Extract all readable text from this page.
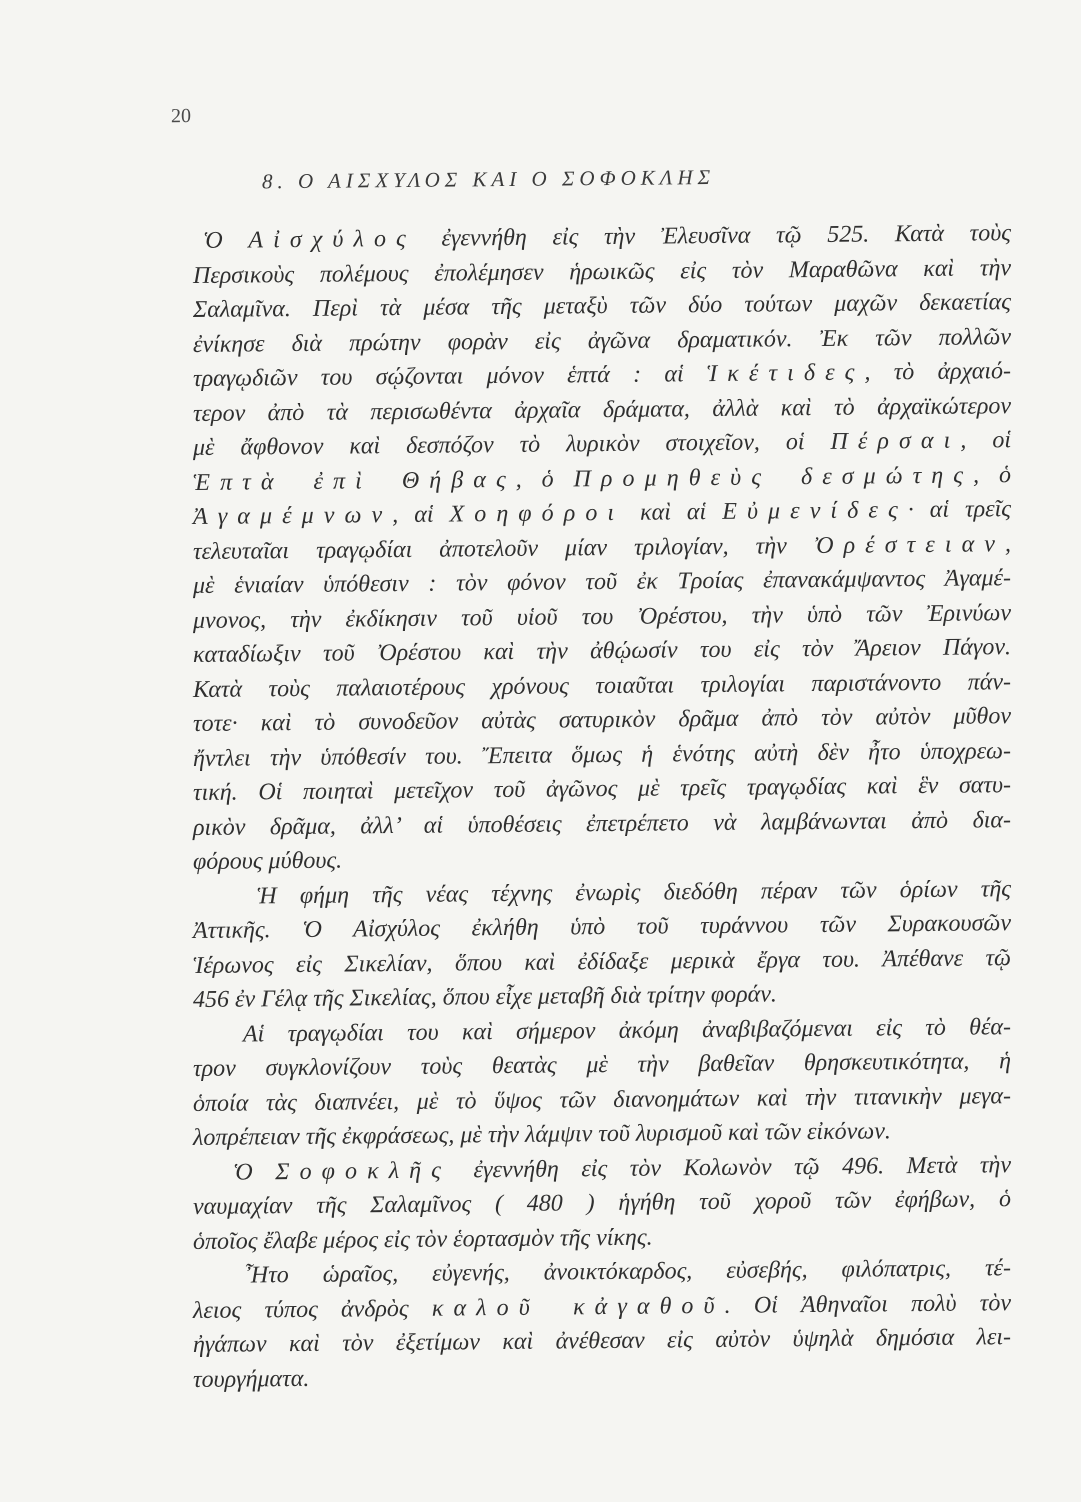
20
8. Ο ΑΙΣΧΥΛΟΣ ΚΑΙ Ο ΣΟΦΟΚΛΗΣ
Ὁ Αἰσχύλος ἐγεννήθη εἰς τὴν Ἐλευσῖνα τῷ 525. Κατὰ τοὺς
Περσικοὺς πολέμους ἐπολέμησεν ἡρωικῶς εἰς τὸν Μαραθῶνα καὶ τὴν
Σαλαμῖνα. Περὶ τὰ μέσα τῆς μεταξὺ τῶν δύο τούτων μαχῶν δεκαετίας
ἐνίκησε διὰ πρώτην φορὰν εἰς ἀγῶνα δραματικόν. Ἐκ τῶν πολλῶν
τραγῳδιῶν του σῴζονται μόνον ἑπτά : αἱ Ἱκέτιδες, τὸ ἀρχαιό-
τερον ἀπὸ τὰ περισωθέντα ἀρχαῖα δράματα, ἀλλὰ καὶ τὸ ἀρχαϊκώτερον
μὲ ἄφθονον καὶ δεσπόζον τὸ λυρικὸν στοιχεῖον, οἱ Πέρσαι, οἱ
Ἑπτὰ ἐπὶ Θήβας, ὁ Προμηθεὺς δεσμώτης, ὁ
Ἀγαμέμνων, αἱ Χοηφόροι καὶ αἱ Εὐμενίδες· αἱ τρεῖς
τελευταῖαι τραγῳδίαι ἀποτελοῦν μίαν τριλογίαν, τὴν Ὀρέστειαν,
μὲ ἑνιαίαν ὑπόθεσιν : τὸν φόνον τοῦ ἐκ Τροίας ἐπανακάμψαντος Ἀγαμέ-
μνονος, τὴν ἐκδίκησιν τοῦ υἱοῦ του Ὀρέστου, τὴν ὑπὸ τῶν Ἐρινύων
καταδίωξιν τοῦ Ὀρέστου καὶ τὴν ἀθῴωσίν του εἰς τὸν Ἄρειον Πάγον.
Κατὰ τοὺς παλαιοτέρους χρόνους τοιαῦται τριλογίαι παριστάνοντο πάν-
τοτε· καὶ τὸ συνοδεῦον αὐτὰς σατυρικὸν δρᾶμα ἀπὸ τὸν αὐτὸν μῦθον
ἤντλει τὴν ὑπόθεσίν του. Ἔπειτα ὅμως ἡ ἑνότης αὐτὴ δὲν ἦτο ὑποχρεω-
τική. Οἱ ποιηταὶ μετεῖχον τοῦ ἀγῶνος μὲ τρεῖς τραγῳδίας καὶ ἓν σατυ-
ρικὸν δρᾶμα, ἀλλ’ αἱ ὑποθέσεις ἐπετρέπετο νὰ λαμβάνωνται ἀπὸ δια-
φόρους μύθους.
Ἡ φήμη τῆς νέας τέχνης ἐνωρὶς διεδόθη πέραν τῶν ὁρίων τῆς
Ἀττικῆς. Ὁ Αἰσχύλος ἐκλήθη ὑπὸ τοῦ τυράννου τῶν Συρακουσῶν
Ἱέρωνος εἰς Σικελίαν, ὅπου καὶ ἐδίδαξε μερικὰ ἔργα του. Ἀπέθανε τῷ
456 ἐν Γέλᾳ τῆς Σικελίας, ὅπου εἶχε μεταβῆ διὰ τρίτην φοράν.
Αἱ τραγῳδίαι του καὶ σήμερον ἀκόμη ἀναβιβαζόμεναι εἰς τὸ θέα-
τρον συγκλονίζουν τοὺς θεατὰς μὲ τὴν βαθεῖαν θρησκευτικότητα, ἡ
ὁποία τὰς διαπνέει, μὲ τὸ ὕψος τῶν διανοημάτων καὶ τὴν τιτανικὴν μεγα-
λοπρέπειαν τῆς ἐκφράσεως, μὲ τὴν λάμψιν τοῦ λυρισμοῦ καὶ τῶν εἰκόνων.
Ὁ Σοφοκλῆς ἐγεννήθη εἰς τὸν Κολωνὸν τῷ 496. Μετὰ τὴν
ναυμαχίαν τῆς Σαλαμῖνος ( 480 ) ἡγήθη τοῦ χοροῦ τῶν ἐφήβων, ὁ
ὁποῖος ἔλαβε μέρος εἰς τὸν ἑορτασμὸν τῆς νίκης.
Ἦτο ὡραῖος, εὐγενής, ἀνοικτόκαρδος, εὐσεβής, φιλόπατρις, τέ-
λειος τύπος ἀνδρὸς καλοῦ κἀγαθοῦ. Οἱ Ἀθηναῖοι πολὺ τὸν
ἠγάπων καὶ τὸν ἐξετίμων καὶ ἀνέθεσαν εἰς αὐτὸν ὑψηλὰ δημόσια λει-
τουργήματα.
